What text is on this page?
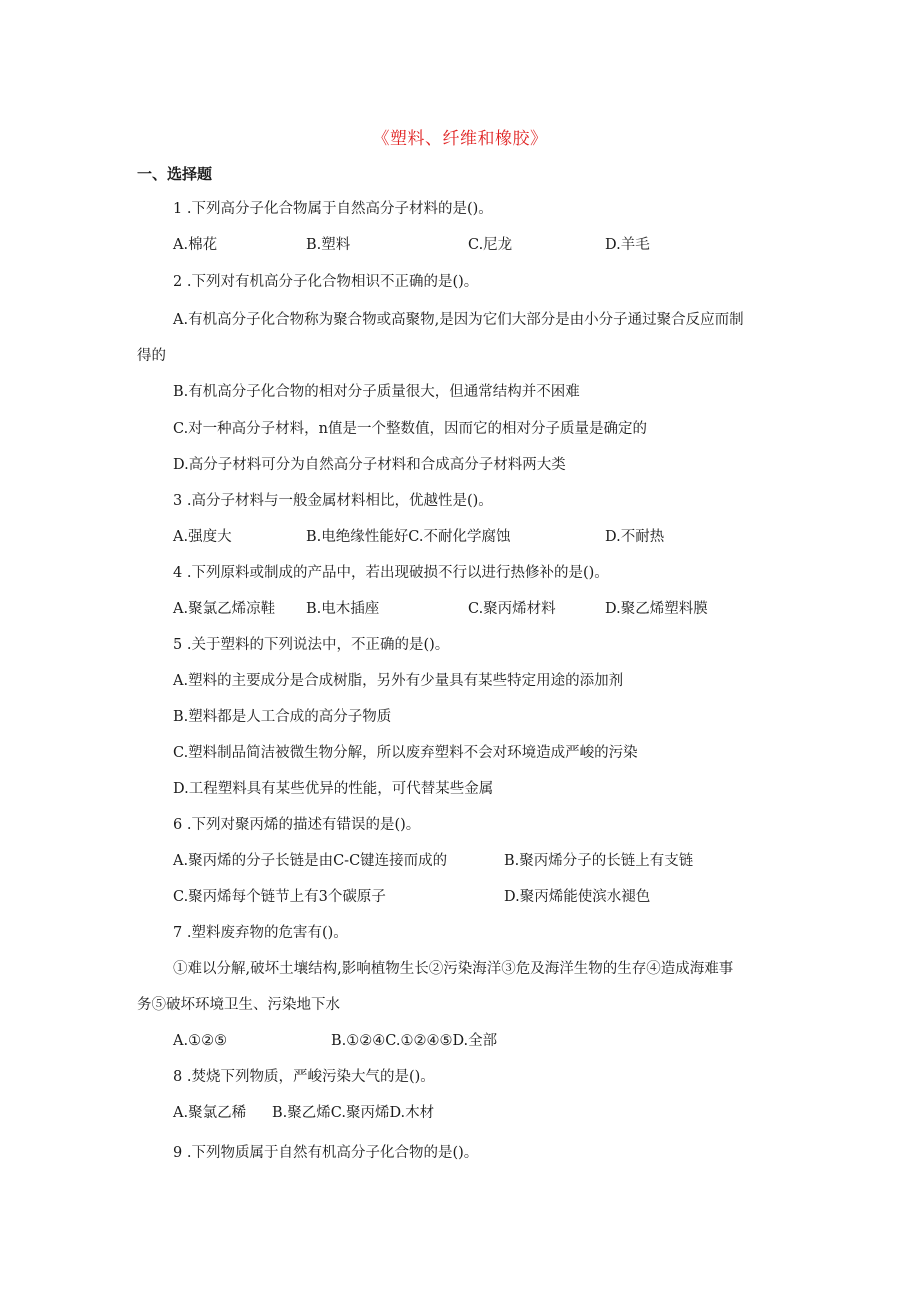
《塑料、纤维和橡胶》
一、选择题
1 .下列高分子化合物属于自然高分子材料的是()。
A.棉花	B.塑料	C.尼龙	D.羊毛
2 .下列对有机高分子化合物相识不正确的是()。
A.有机高分子化合物称为聚合物或高聚物,是因为它们大部分是由小分子通过聚合反应而制
得的
B.有机高分子化合物的相对分子质量很大，但通常结构并不困难
C.对一种高分子材料，n值是一个整数值，因而它的相对分子质量是确定的
D.高分子材料可分为自然高分子材料和合成高分子材料两大类
3 .高分子材料与一般金属材料相比，优越性是()。
A.强度大	B.电绝缘性能好C.不耐化学腐蚀	D.不耐热
4 .下列原料或制成的产品中，若出现破损不行以进行热修补的是()。
A.聚氯乙烯凉鞋 B.电木插座	C.聚丙烯材料	D.聚乙烯塑料膜
5 .关于塑料的下列说法中，不正确的是()。
A.塑料的主要成分是合成树脂，另外有少量具有某些特定用途的添加剂
B.塑料都是人工合成的高分子物质
C.塑料制品简洁被微生物分解，所以废弃塑料不会对环境造成严峻的污染
D.工程塑料具有某些优异的性能，可代替某些金属
6 .下列对聚丙烯的描述有错误的是()。
A.聚丙烯的分子长链是由C-C键连接而成的	B.聚丙烯分子的长链上有支链
C.聚丙烯每个链节上有3个碳原子	D.聚丙烯能使滨水褪色
7 .塑料废弃物的危害有()。
①难以分解,破坏土壤结构,影响植物生长②污染海洋③危及海洋生物的生存④造成海难事
务⑤破坏环境卫生、污染地下水
A.①②⑤	B.①②④C.①②④⑤D.全部
8 .焚烧下列物质，严峻污染大气的是()。
A.聚氯乙稀 B.聚乙烯C.聚丙烯D.木材
9 .下列物质属于自然有机高分子化合物的是()。
